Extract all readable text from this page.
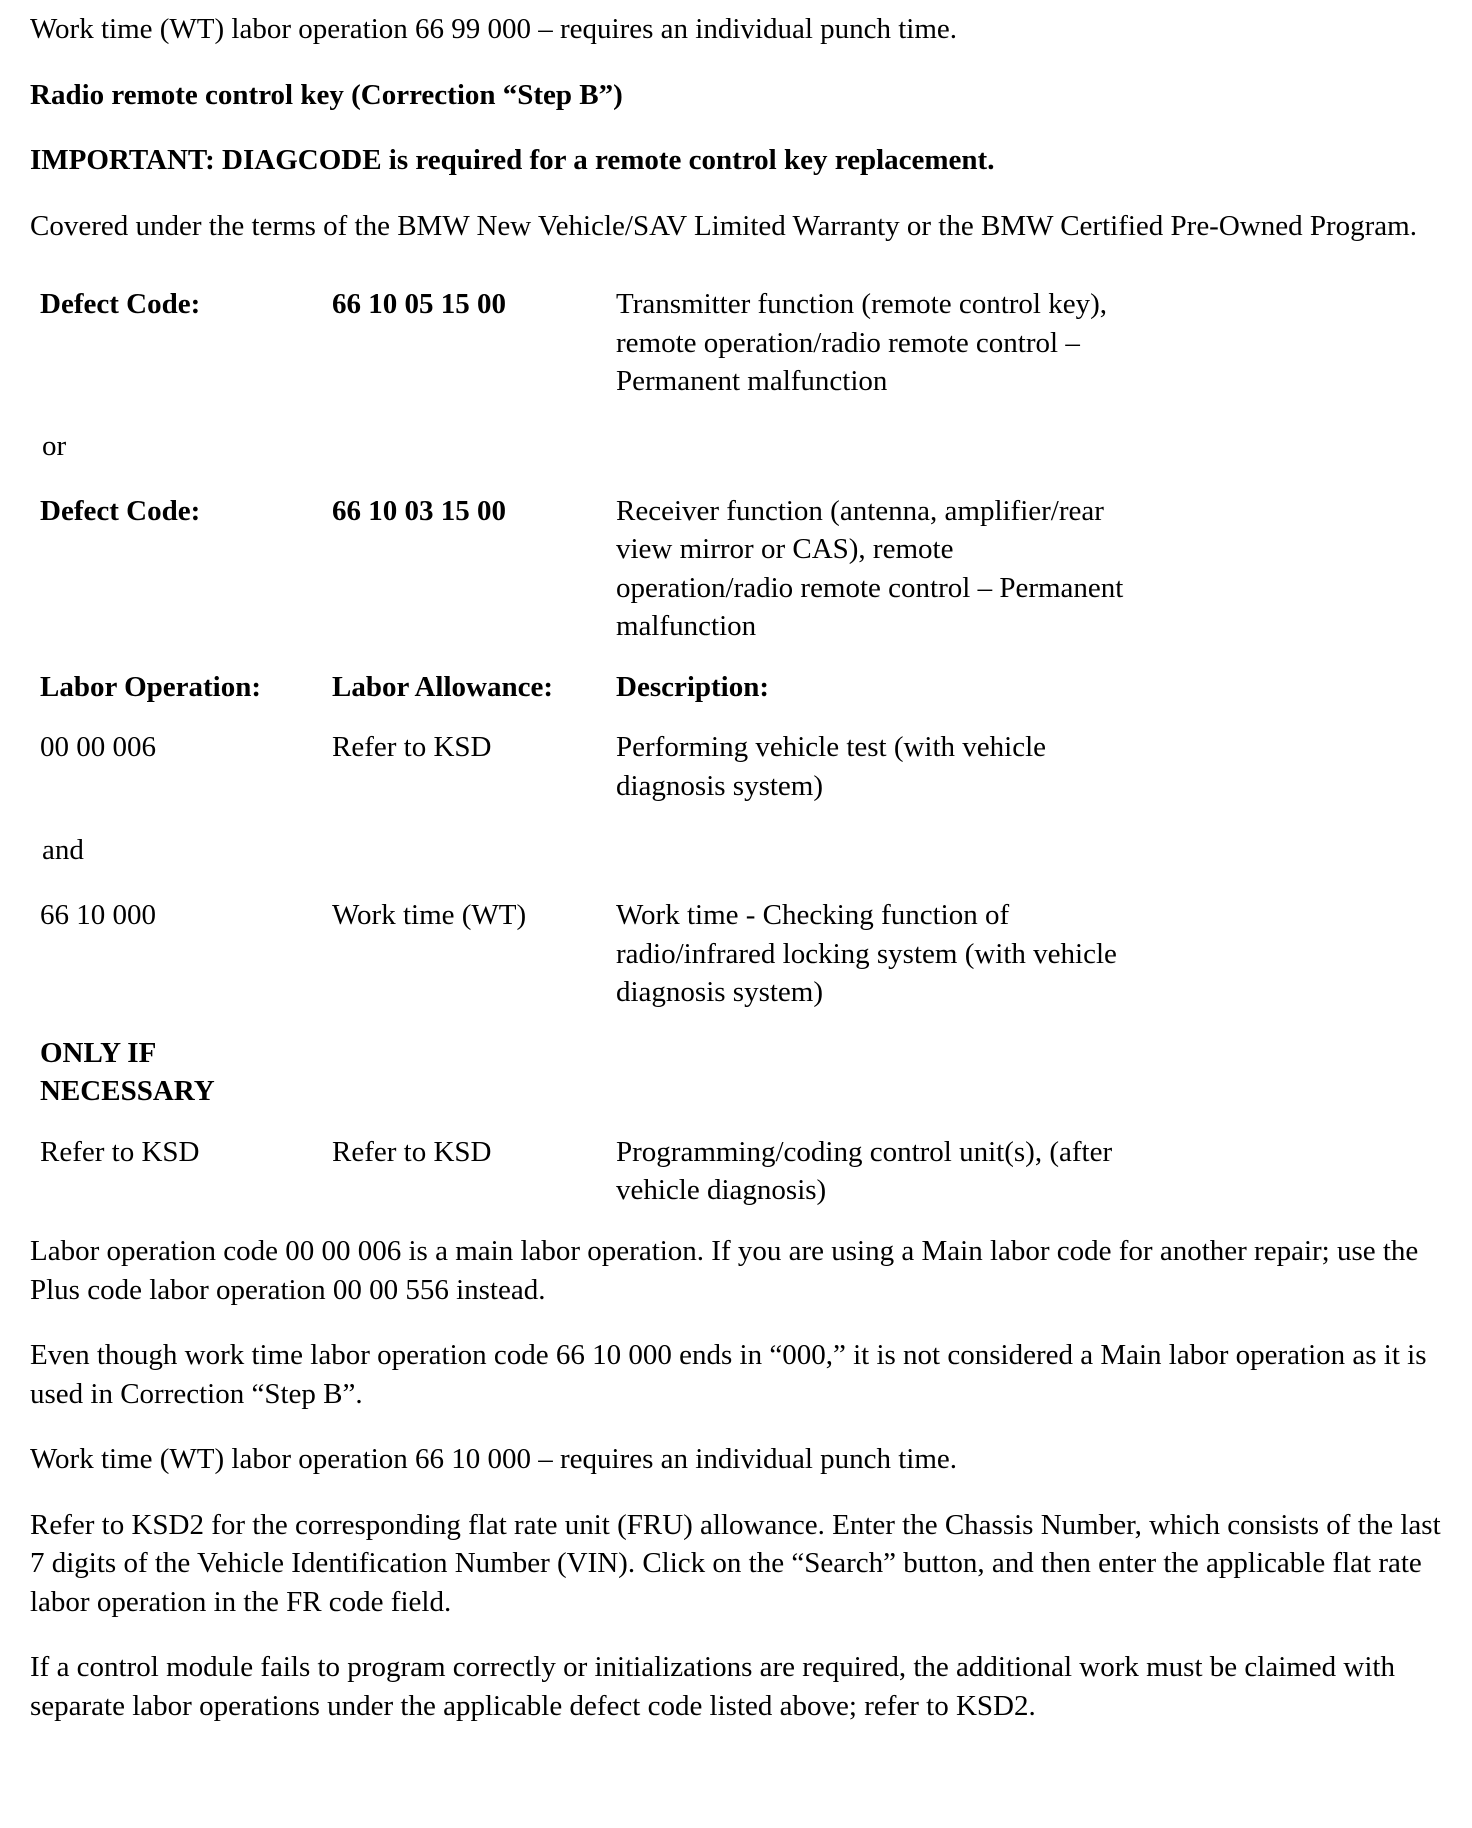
Work time (WT) labor operation 66 99 000 – requires an individual punch time.

Radio remote control key (Correction “Step B”)

IMPORTANT: DIAGCODE is required for a remote control key replacement.

Covered under the terms of the BMW New Vehicle/SAV Limited Warranty or the BMW Certified Pre-Owned Program.

Defect Code:	66 10 05 15 00	Transmitter function (remote control key), remote operation/radio remote control – Permanent malfunction
or
Defect Code:	66 10 03 15 00	Receiver function (antenna, amplifier/rear view mirror or CAS), remote operation/radio remote control – Permanent malfunction
Labor Operation:	Labor Allowance:	Description:
00 00 006	Refer to KSD	Performing vehicle test (with vehicle diagnosis system)
and
66 10 000	Work time (WT)	Work time - Checking function of radio/infrared locking system (with vehicle diagnosis system)
ONLY IF NECESSARY
Refer to KSD	Refer to KSD	Programming/coding control unit(s), (after vehicle diagnosis)

Labor operation code 00 00 006 is a main labor operation. If you are using a Main labor code for another repair; use the Plus code labor operation 00 00 556 instead.

Even though work time labor operation code 66 10 000 ends in “000,” it is not considered a Main labor operation as it is used in Correction “Step B”.

Work time (WT) labor operation 66 10 000 – requires an individual punch time.

Refer to KSD2 for the corresponding flat rate unit (FRU) allowance. Enter the Chassis Number, which consists of the last 7 digits of the Vehicle Identification Number (VIN). Click on the “Search” button, and then enter the applicable flat rate labor operation in the FR code field.

If a control module fails to program correctly or initializations are required, the additional work must be claimed with separate labor operations under the applicable defect code listed above; refer to KSD2.
